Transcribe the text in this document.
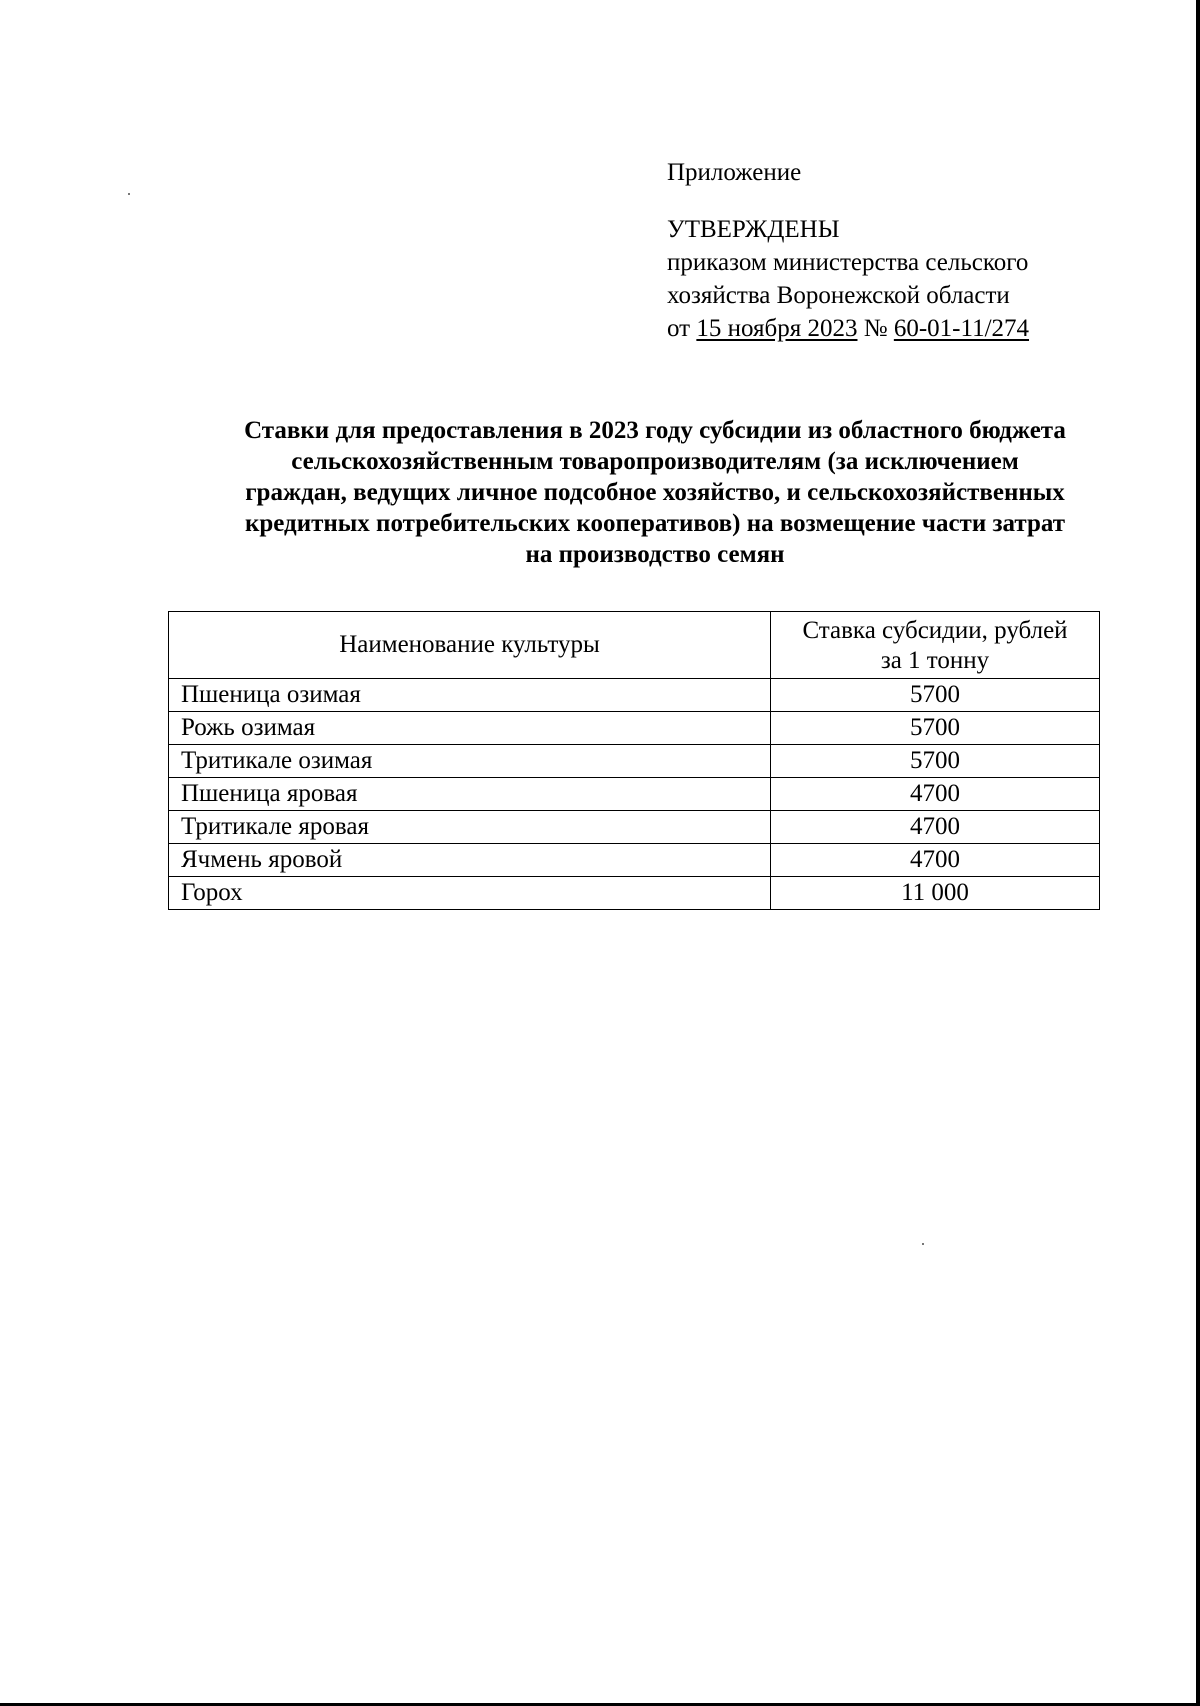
Приложение
УТВЕРЖДЕНЫ
приказом министерства сельского
хозяйства Воронежской области
от 15 ноября 2023 № 60-01-11/274
Ставки для предоставления в 2023 году субсидии из областного бюджета
сельскохозяйственным товаропроизводителям (за исключением
граждан, ведущих личное подсобное хозяйство, и сельскохозяйственных
кредитных потребительских кооперативов) на возмещение части затрат
на производство семян
Наименование культуры	Ставка субсидии, рублей
за 1 тонну

Пшеница озимая	5700
Рожь озимая	5700
Тритикале озимая	5700
Пшеница яровая	4700
Тритикале яровая	4700
Ячмень яровой	4700
Горох	11 000
